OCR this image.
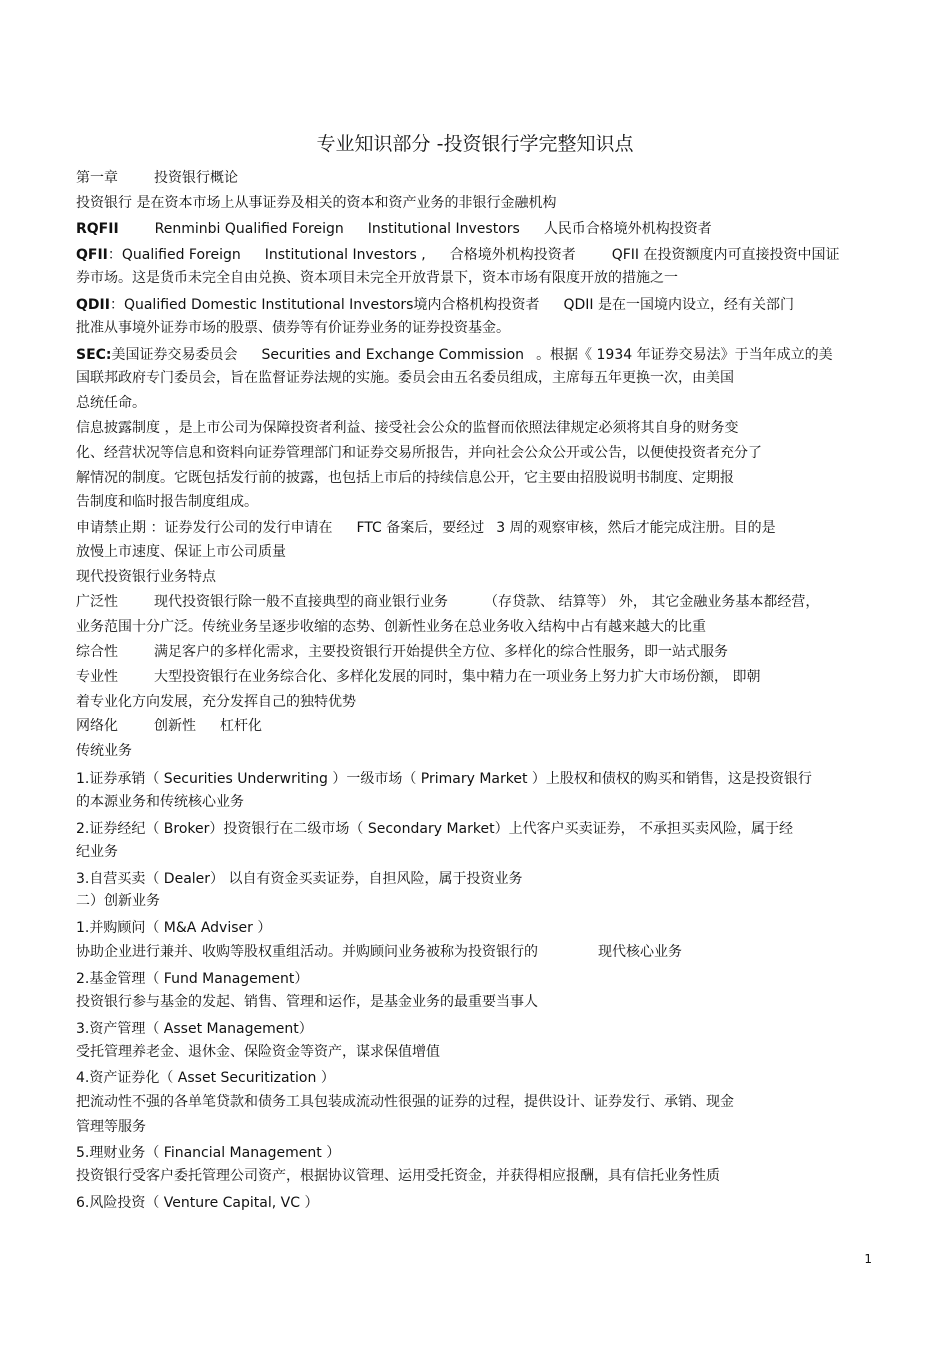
专业知识部分 -投资银行学完整知识点
第一章	投资银行概论
投资银行 是在资本市场上从事证券及相关的资本和资产业务的非银行金融机构
RQFII	Renminbi Qualified Foreign Institutional Investors 人民币合格境外机构投资者
QFII：Qualified Foreign Institutional Investors , 合格境外机构投资者	QFII 在投资额度内可直接投资中国证
券市场。这是货币未完全自由兑换、资本项目未完全开放背景下，资本市场有限度开放的措施之一
QDII：Qualified Domestic Institutional Investors境内合格机构投资者 QDII 是在一国境内设立，经有关部门
批准从事境外证券市场的股票、债券等有价证券业务的证券投资基金。
SEC:美国证券交易委员会 Securities and Exchange Commission 。根据《 1934 年证券交易法》于当年成立的美
国联邦政府专门委员会，旨在监督证券法规的实施。委员会由五名委员组成，主席每五年更换一次，由美国
总统任命。
信息披露制度 ，是上市公司为保障投资者利益、接受社会公众的监督而依照法律规定必须将其自身的财务变
化、经营状况等信息和资料向证券管理部门和证券交易所报告，并向社会公众公开或公告，以便使投资者充分了
解情况的制度。它既包括发行前的披露，也包括上市后的持续信息公开，它主要由招股说明书制度、定期报
告制度和临时报告制度组成。
申请禁止期 ：证券发行公司的发行申请在 FTC 备案后，要经过 3 周的观察审核，然后才能完成注册。目的是
放慢上市速度、保证上市公司质量
现代投资银行业务特点
广泛性	现代投资银行除一般不直接典型的商业银行业务	（存贷款、 结算等） 外， 其它金融业务基本都经营，
业务范围十分广泛。传统业务呈逐步收缩的态势、创新性业务在总业务收入结构中占有越来越大的比重
综合性	满足客户的多样化需求，主要投资银行开始提供全方位、多样化的综合性服务，即一站式服务
专业性	大型投资银行在业务综合化、多样化发展的同时，集中精力在一项业务上努力扩大市场份额， 即朝
着专业化方向发展，充分发挥自己的独特优势
网络化	创新性 杠杆化
传统业务
1.证券承销（ Securities Underwriting ）一级市场（ Primary Market ）上股权和债权的购买和销售，这是投资银行
的本源业务和传统核心业务
2.证券经纪（ Broker）投资银行在二级市场（ Secondary Market）上代客户买卖证券， 不承担买卖风险，属于经
纪业务
3.自营买卖（ Dealer） 以自有资金买卖证券，自担风险，属于投资业务
二）创新业务
1.并购顾问（ M&A Adviser ）
协助企业进行兼并、收购等股权重组活动。并购顾问业务被称为投资银行的	现代核心业务
2.基金管理（ Fund Management）
投资银行参与基金的发起、销售、管理和运作，是基金业务的最重要当事人
3.资产管理（ Asset Management）
受托管理养老金、退休金、保险资金等资产，谋求保值增值
4.资产证券化（ Asset Securitization ）
把流动性不强的各单笔贷款和债务工具包装成流动性很强的证券的过程，提供设计、证券发行、承销、现金
管理等服务
5.理财业务（ Financial Management ）
投资银行受客户委托管理公司资产，根据协议管理、运用受托资金，并获得相应报酬，具有信托业务性质
6.风险投资（ Venture Capital, VC ）
1
